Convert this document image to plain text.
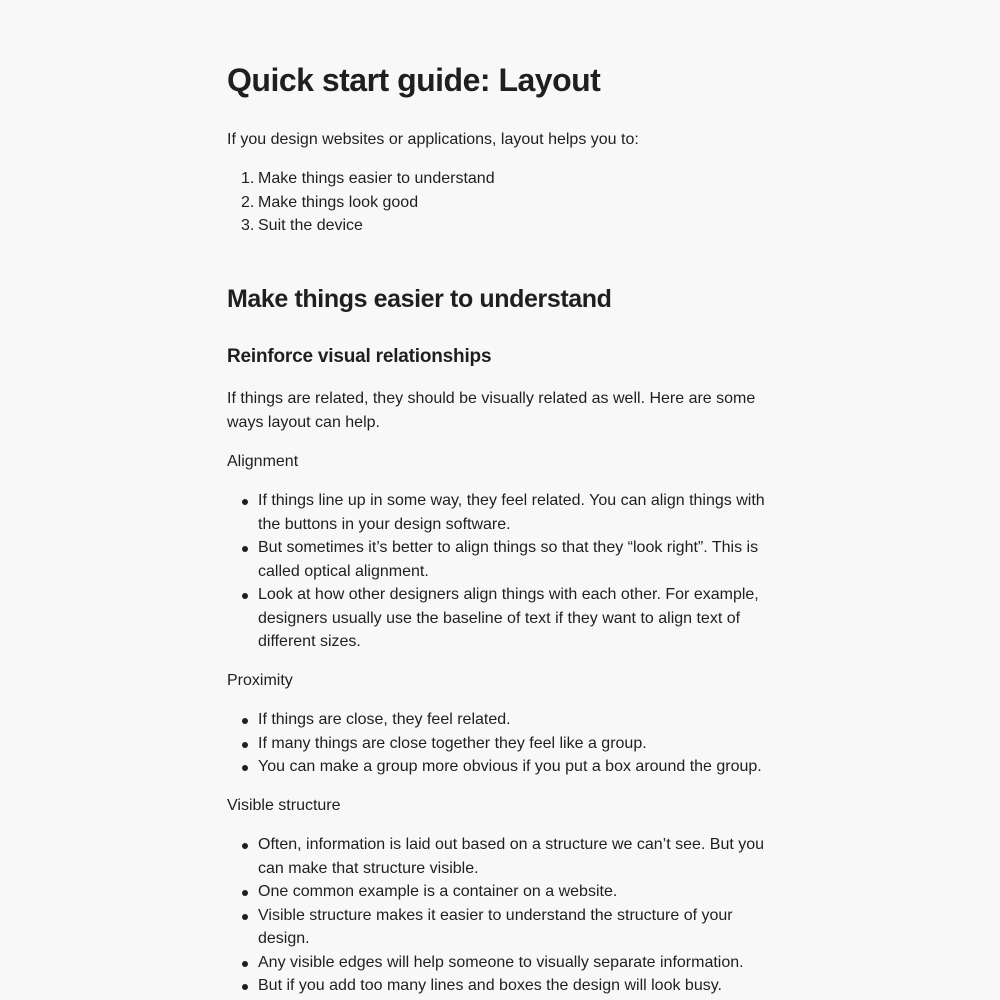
Quick start guide: Layout

If you design websites or applications, layout helps you to:

1. Make things easier to understand
2. Make things look good
3. Suit the device
Make things easier to understand
Reinforce visual relationships

If things are related, they should be visually related as well. Here are some ways layout can help.

Alignment

If things line up in some way, they feel related. You can align things with the buttons in your design software.
But sometimes it’s better to align things so that they “look right”. This is called optical alignment.
Look at how other designers align things with each other. For example, designers usually use the baseline of text if they want to align text of different sizes.

Proximity

If things are close, they feel related.
If many things are close together they feel like a group.
You can make a group more obvious if you put a box around the group.

Visible structure

Often, information is laid out based on a structure we can’t see. But you can make that structure visible.
One common example is a container on a website.
Visible structure makes it easier to understand the structure of your design.
Any visible edges will help someone to visually separate information.
But if you add too many lines and boxes the design will look busy.
